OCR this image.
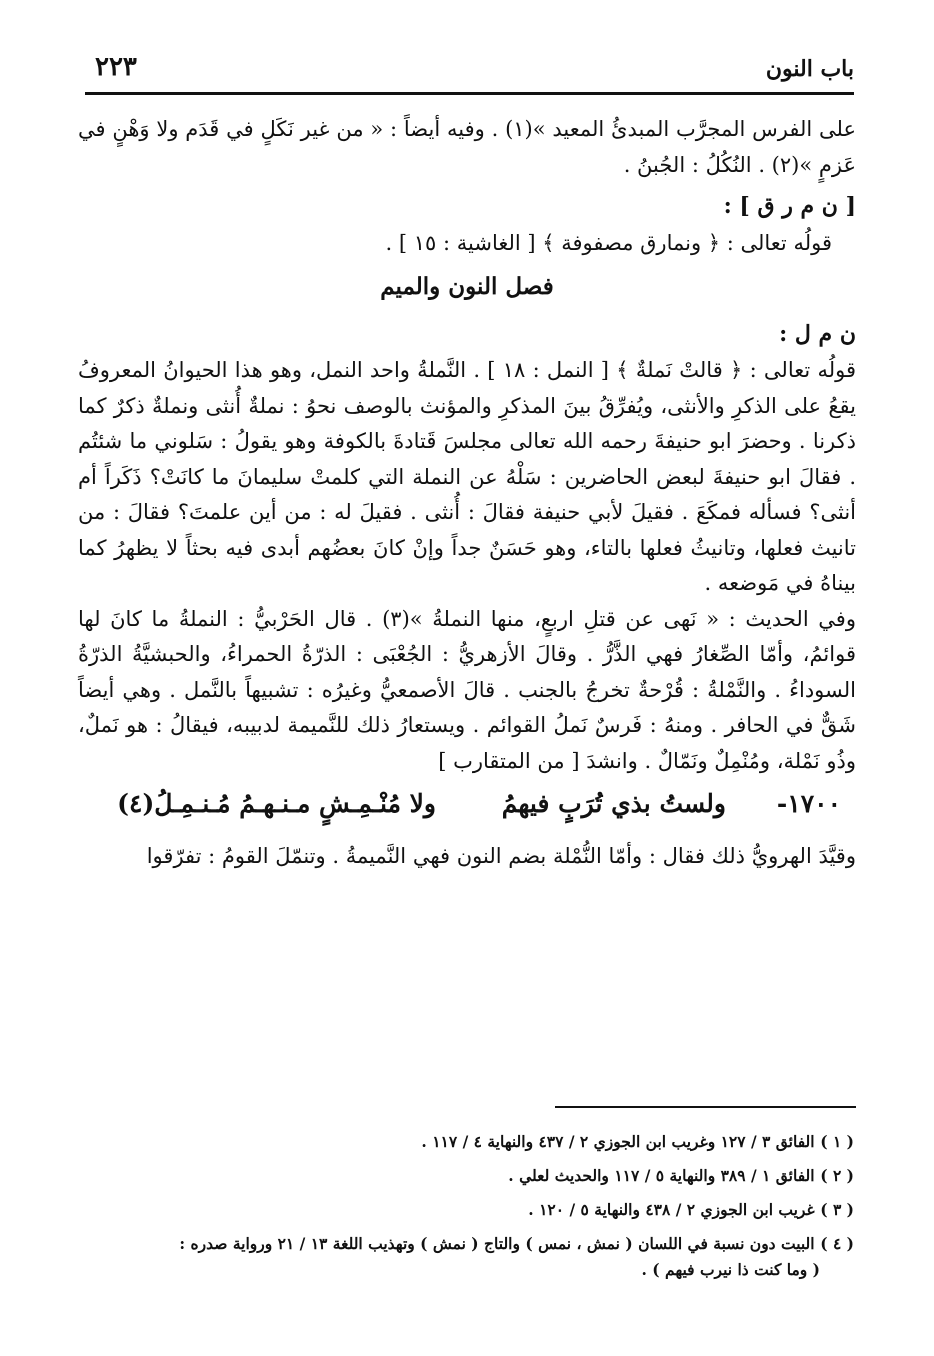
باب النون
٢٢٣

على الفرس المجرَّب المبدئُ المعيد »(١) . وفيه أيضاً : « من غير نَكَلٍ في قَدَم ولا وَهْنٍ في عَزمٍ »(٢) . النُكُلُ : الجُبنُ .

[ ن م ر ق ] :

قولُه تعالى : ﴿ ونمارق مصفوفة ﴾ [ الغاشية : ١٥ ] .

فصل النون والميم
ن م ل :

قولُه تعالى : ﴿ قالتْ نَملةٌ ﴾ [ النمل : ١٨ ] . النَّملةُ واحد النمل، وهو هذا الحيوانُ المعروفُ يقعُ على الذكرِ والأنثى، ويُفرِّقُ بينَ المذكرِ والمؤنث بالوصف نحوُ : نملةٌ أُنثى ونملةٌ ذكرٌ كما ذكرنا . وحضرَ ابو حنيفةَ رحمه الله تعالى مجلسَ قَتادةَ بالكوفة وهو يقولُ : سَلوني ما شئتُم . فقالَ ابو حنيفةَ لبعض الحاضرين : سَلْهُ عن النملة التي كلمتْ سليمانَ ما كانَتْ؟ ذَكَراً أم أنثى؟ فسأله فمكَعَ . فقيلَ لأبي حنيفة فقالَ : أُنثى . فقيلَ له : من أين علمتَ؟ فقالَ : من تانيث فعلها، وتانيثُ فعلها بالتاء، وهو حَسَنٌ جداً وإنْ كانَ بعضُهم أبدى فيه بحثاً لا يظهرُ كما بيناهُ في مَوضعه .

وفي الحديث : « نَهى عن قتلِ اربعٍ، منها النملةُ »(٣) . قال الحَرْبيُّ : النملةُ ما كانَ لها قوائمُ، وأمّا الصِّغارُ فهي الذَّرُّ . وقالَ الأزهريُّ : الجُعْبَى : الذرّةُ الحمراءُ، والحبشيَّةُ الذرّةُ السوداءُ . والنَّمْلةُ : قُرْحةٌ تخرجُ بالجنب . قالَ الأصمعيُّ وغيرُه : تشبيهاً بالنَّمل . وهي أيضاً شَقٌّ في الحافر . ومنهُ : فَرسٌ نَملُ القوائم . ويستعارُ ذلك للنَّميمة لدبيبه، فيقالُ : هو نَملٌ، وذُو نَمْلة، ومُنْمِلٌ ونَمّالٌ . وانشدَ [ من المتقارب ]

١٧٠٠-
ولستُ بذي تُرَبٍ فيهمُ
ولا مُنْـمِـشٍ مـنـهـمُ مُـنـمِـلُ(٤)

وقيَّدَ الهرويُّ ذلك فقال : وأمّا النُّمْلة بضم النون فهي النَّميمةُ . وتنمّلَ القومُ : تفرّقوا

( ١ ) الفائق ٣ / ١٢٧ وغريب ابن الجوزي ٢ / ٤٣٧ والنهاية ٤ / ١١٧ .

( ٢ ) الفائق ١ / ٣٨٩ والنهاية ٥ / ١١٧ والحديث لعلي .

( ٣ ) غريب ابن الجوزي ٢ / ٤٣٨ والنهاية ٥ / ١٢٠ .

( ٤ ) البيت دون نسبة في اللسان ( نمش ، نمس ) والتاج ( نمش ) وتهذيب اللغة ١٣ / ٢١ ورواية صدره :

( وما كنت ذا نيرب فيهم ) .
